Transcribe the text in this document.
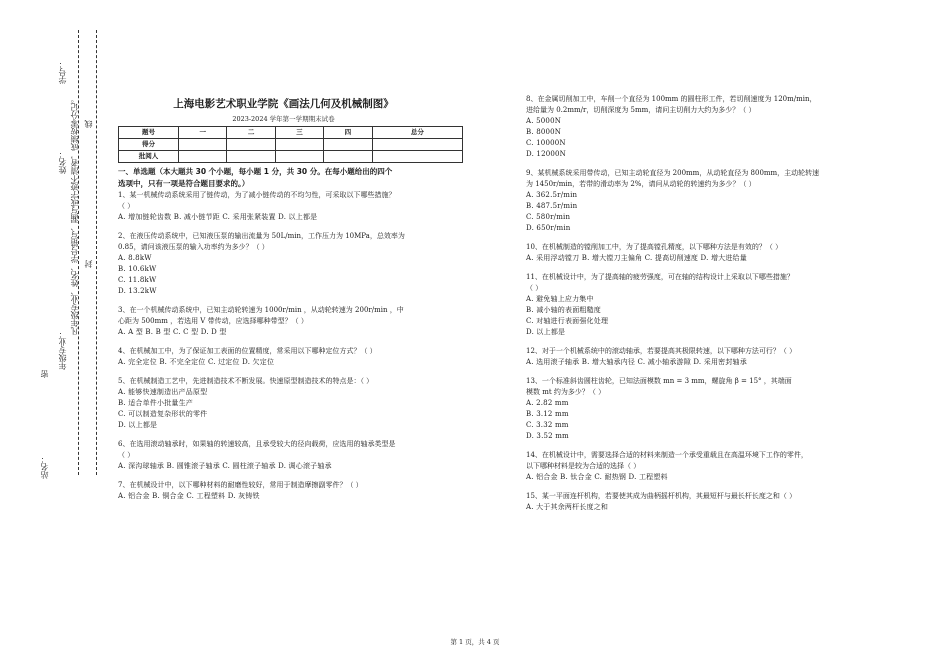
站名：
密
年级专业：
姓名：
学号：
凡年级专业、姓名、学号错写、漏写或字迹不清者，成绩按零分记。 封
线
上海电影艺术职业学院《画法几何及机械制图》
2023-2024 学年第一学期期末试卷
题号	一	二	三	四	总分
得分					
批阅人					
一、单选题（本大题共 30 个小题，每小题 1 分，共 30 分。在每小题给出的四个
选项中，只有一项是符合题目要求的。）
1、某一机械传动系统采用了链传动，为了减小链传动的不均匀性，可采取以下哪些措施？
（ ）
A. 增加链轮齿数 B. 减小链节距 C. 采用张紧装置 D. 以上都是
2、在液压传动系统中，已知液压泵的输出流量为 50L/min，工作压力为 10MPa，总效率为
0.85，请问该液压泵的输入功率约为多少？（ ）
A. 8.8kW
B. 10.6kW
C. 11.8kW
D. 13.2kW
3、在一个机械传动系统中，已知主动轮转速为 1000r/min ，从动轮转速为 200r/min ，中
心距为 500mm ，若选用 V 带传动，应选择哪种带型？（ ）
A. A 型 B. B 型 C. C 型 D. D 型
4、在机械加工中，为了保证加工表面的位置精度，常采用以下哪种定位方式？（ ）
A. 完全定位 B. 不完全定位 C. 过定位 D. 欠定位
5、在机械制造工艺中，先进制造技术不断发展。快速原型制造技术的特点是：（ ）
A. 能够快速制造出产品原型
B. 适合单件小批量生产
C. 可以制造复杂形状的零件
D. 以上都是
6、在选用滚动轴承时，如果轴的转速较高，且承受较大的径向载荷，应选用的轴承类型是
（ ）
A. 深沟球轴承 B. 圆锥滚子轴承 C. 圆柱滚子轴承 D. 调心滚子轴承
7、在机械设计中，以下哪种材料的耐磨性较好，常用于制造摩擦副零件？（ ）
A. 铝合金 B. 铜合金 C. 工程塑料 D. 灰铸铁
8、在金属切削加工中，车削一个直径为 100mm 的圆柱形工件，若切削速度为 120m/min，
进给量为 0.2mm/r，切削深度为 5mm，请问主切削力大约为多少？（ ）
A. 5000N
B. 8000N
C. 10000N
D. 12000N
9、某机械系统采用带传动，已知主动轮直径为 200mm，从动轮直径为 800mm，主动轮转速
为 1450r/min，若带的滑动率为 2%，请问从动轮的转速约为多少？（ ）
A. 362.5r/min
B. 487.5r/min
C. 580r/min
D. 650r/min
10、在机械制造的镗削加工中，为了提高镗孔精度，以下哪种方法是有效的？（ ）
A. 采用浮动镗刀 B. 增大镗刀主偏角 C. 提高切削速度 D. 增大进给量
11、在机械设计中，为了提高轴的疲劳强度，可在轴的结构设计上采取以下哪些措施？
（ ）
A. 避免轴上应力集中
B. 减小轴的表面粗糙度
C. 对轴进行表面强化处理
D. 以上都是
12、对于一个机械系统中的滚动轴承，若要提高其极限转速，以下哪种方法可行？（ ）
A. 选用滚子轴承 B. 增大轴承内径 C. 减小轴承游隙 D. 采用密封轴承
13、一个标准斜齿圆柱齿轮，已知法面模数 mn = 3 mm，螺旋角 β = 15° ，其端面
模数 mt 约为多少？（ ）
A. 2.82 mm
B. 3.12 mm
C. 3.32 mm
D. 3.52 mm
14、在机械设计中，需要选择合适的材料来制造一个承受重载且在高温环境下工作的零件，
以下哪种材料是较为合适的选择（ ）
A. 铝合金 B. 钛合金 C. 耐热钢 D. 工程塑料
15、某一平面连杆机构，若要使其成为曲柄摇杆机构，其最短杆与最长杆长度之和（ ）
A. 大于其余两杆长度之和
第 1 页，共 4 页
